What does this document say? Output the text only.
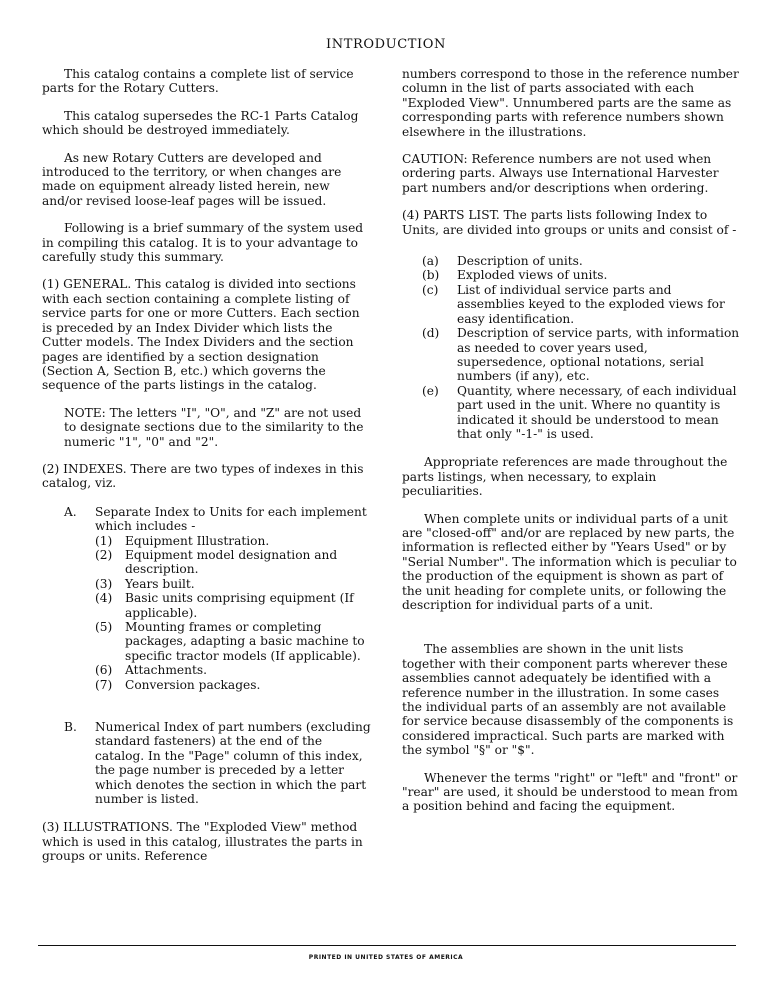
INTRODUCTION

This catalog contains a complete list of service parts for the Rotary Cutters.

This catalog supersedes the RC-1 Parts Catalog which should be destroyed immediately.

As new Rotary Cutters are developed and introduced to the territory, or when changes are made on equipment already listed herein, new and/or revised loose-leaf pages will be issued.

Following is a brief summary of the system used in compiling this catalog. It is to your advantage to carefully study this summary.

(1) GENERAL. This catalog is divided into sections with each section containing a complete listing of service parts for one or more Cutters. Each section is preceded by an Index Divider which lists the Cutter models. The Index Dividers and the section pages are identified by a section designation (Section A, Section B, etc.) which governs the sequence of the parts listings in the catalog.

NOTE: The letters "I", "O", and "Z" are not used to designate sections due to the similarity to the numeric "1", "0" and "2".

(2) INDEXES. There are two types of indexes in this catalog, viz.

A. Separate Index to Units for each implement which includes -
(1) Equipment Illustration.
(2) Equipment model designation and description.
(3) Years built.
(4) Basic units comprising equipment (If applicable).
(5) Mounting frames or completing packages, adapting a basic machine to specific tractor models (If applicable).
(6) Attachments.
(7) Conversion packages.
B. Numerical Index of part numbers (excluding standard fasteners) at the end of the catalog. In the "Page" column of this index, the page number is preceded by a letter which denotes the section in which the part number is listed.

(3) ILLUSTRATIONS. The "Exploded View" method which is used in this catalog, illustrates the parts in groups or units. Reference

numbers correspond to those in the reference number column in the list of parts associated with each "Exploded View". Unnumbered parts are the same as corresponding parts with reference numbers shown elsewhere in the illustrations.

CAUTION: Reference numbers are not used when ordering parts. Always use International Harvester part numbers and/or descriptions when ordering.

(4) PARTS LIST. The parts lists following Index to Units, are divided into groups or units and consist of -

(a) Description of units.
(b) Exploded views of units.
(c) List of individual service parts and assemblies keyed to the exploded views for easy identification.
(d) Description of service parts, with information as needed to cover years used, supersedence, optional notations, serial numbers (if any), etc.
(e) Quantity, where necessary, of each individual part used in the unit. Where no quantity is indicated it should be understood to mean that only "-1-" is used.

Appropriate references are made throughout the parts listings, when necessary, to explain peculiarities.

When complete units or individual parts of a unit are "closed-off" and/or are replaced by new parts, the information is reflected either by "Years Used" or by "Serial Number". The information which is peculiar to the production of the equipment is shown as part of the unit heading for complete units, or following the description for individual parts of a unit.

The assemblies are shown in the unit lists together with their component parts wherever these assemblies cannot adequately be identified with a reference number in the illustration. In some cases the individual parts of an assembly are not available for service because disassembly of the components is considered impractical. Such parts are marked with the symbol "§" or "$".

Whenever the terms "right" or "left" and "front" or "rear" are used, it should be understood to mean from a position behind and facing the equipment.

PRINTED IN UNITED STATES OF AMERICA
